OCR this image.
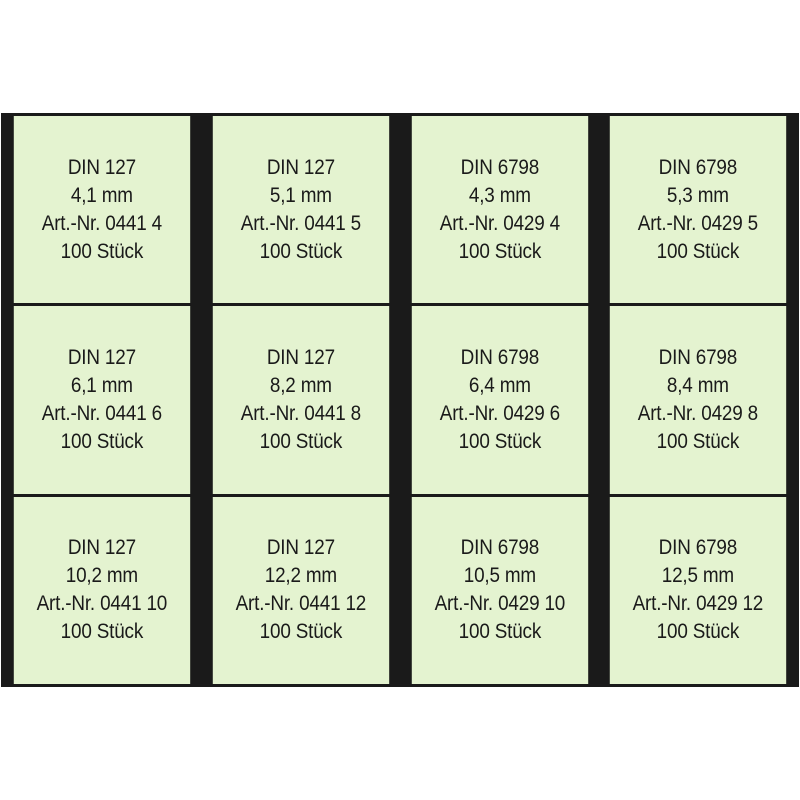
DIN 127
4,1 mm
Art.-Nr. 0441 4
100 Stück
DIN 127
5,1 mm
Art.-Nr. 0441 5
100 Stück
DIN 6798
4,3 mm
Art.-Nr. 0429 4
100 Stück
DIN 6798
5,3 mm
Art.-Nr. 0429 5
100 Stück
DIN 127
6,1 mm
Art.-Nr. 0441 6
100 Stück
DIN 127
8,2 mm
Art.-Nr. 0441 8
100 Stück
DIN 6798
6,4 mm
Art.-Nr. 0429 6
100 Stück
DIN 6798
8,4 mm
Art.-Nr. 0429 8
100 Stück
DIN 127
10,2 mm
Art.-Nr. 0441 10
100 Stück
DIN 127
12,2 mm
Art.-Nr. 0441 12
100 Stück
DIN 6798
10,5 mm
Art.-Nr. 0429 10
100 Stück
DIN 6798
12,5 mm
Art.-Nr. 0429 12
100 Stück
